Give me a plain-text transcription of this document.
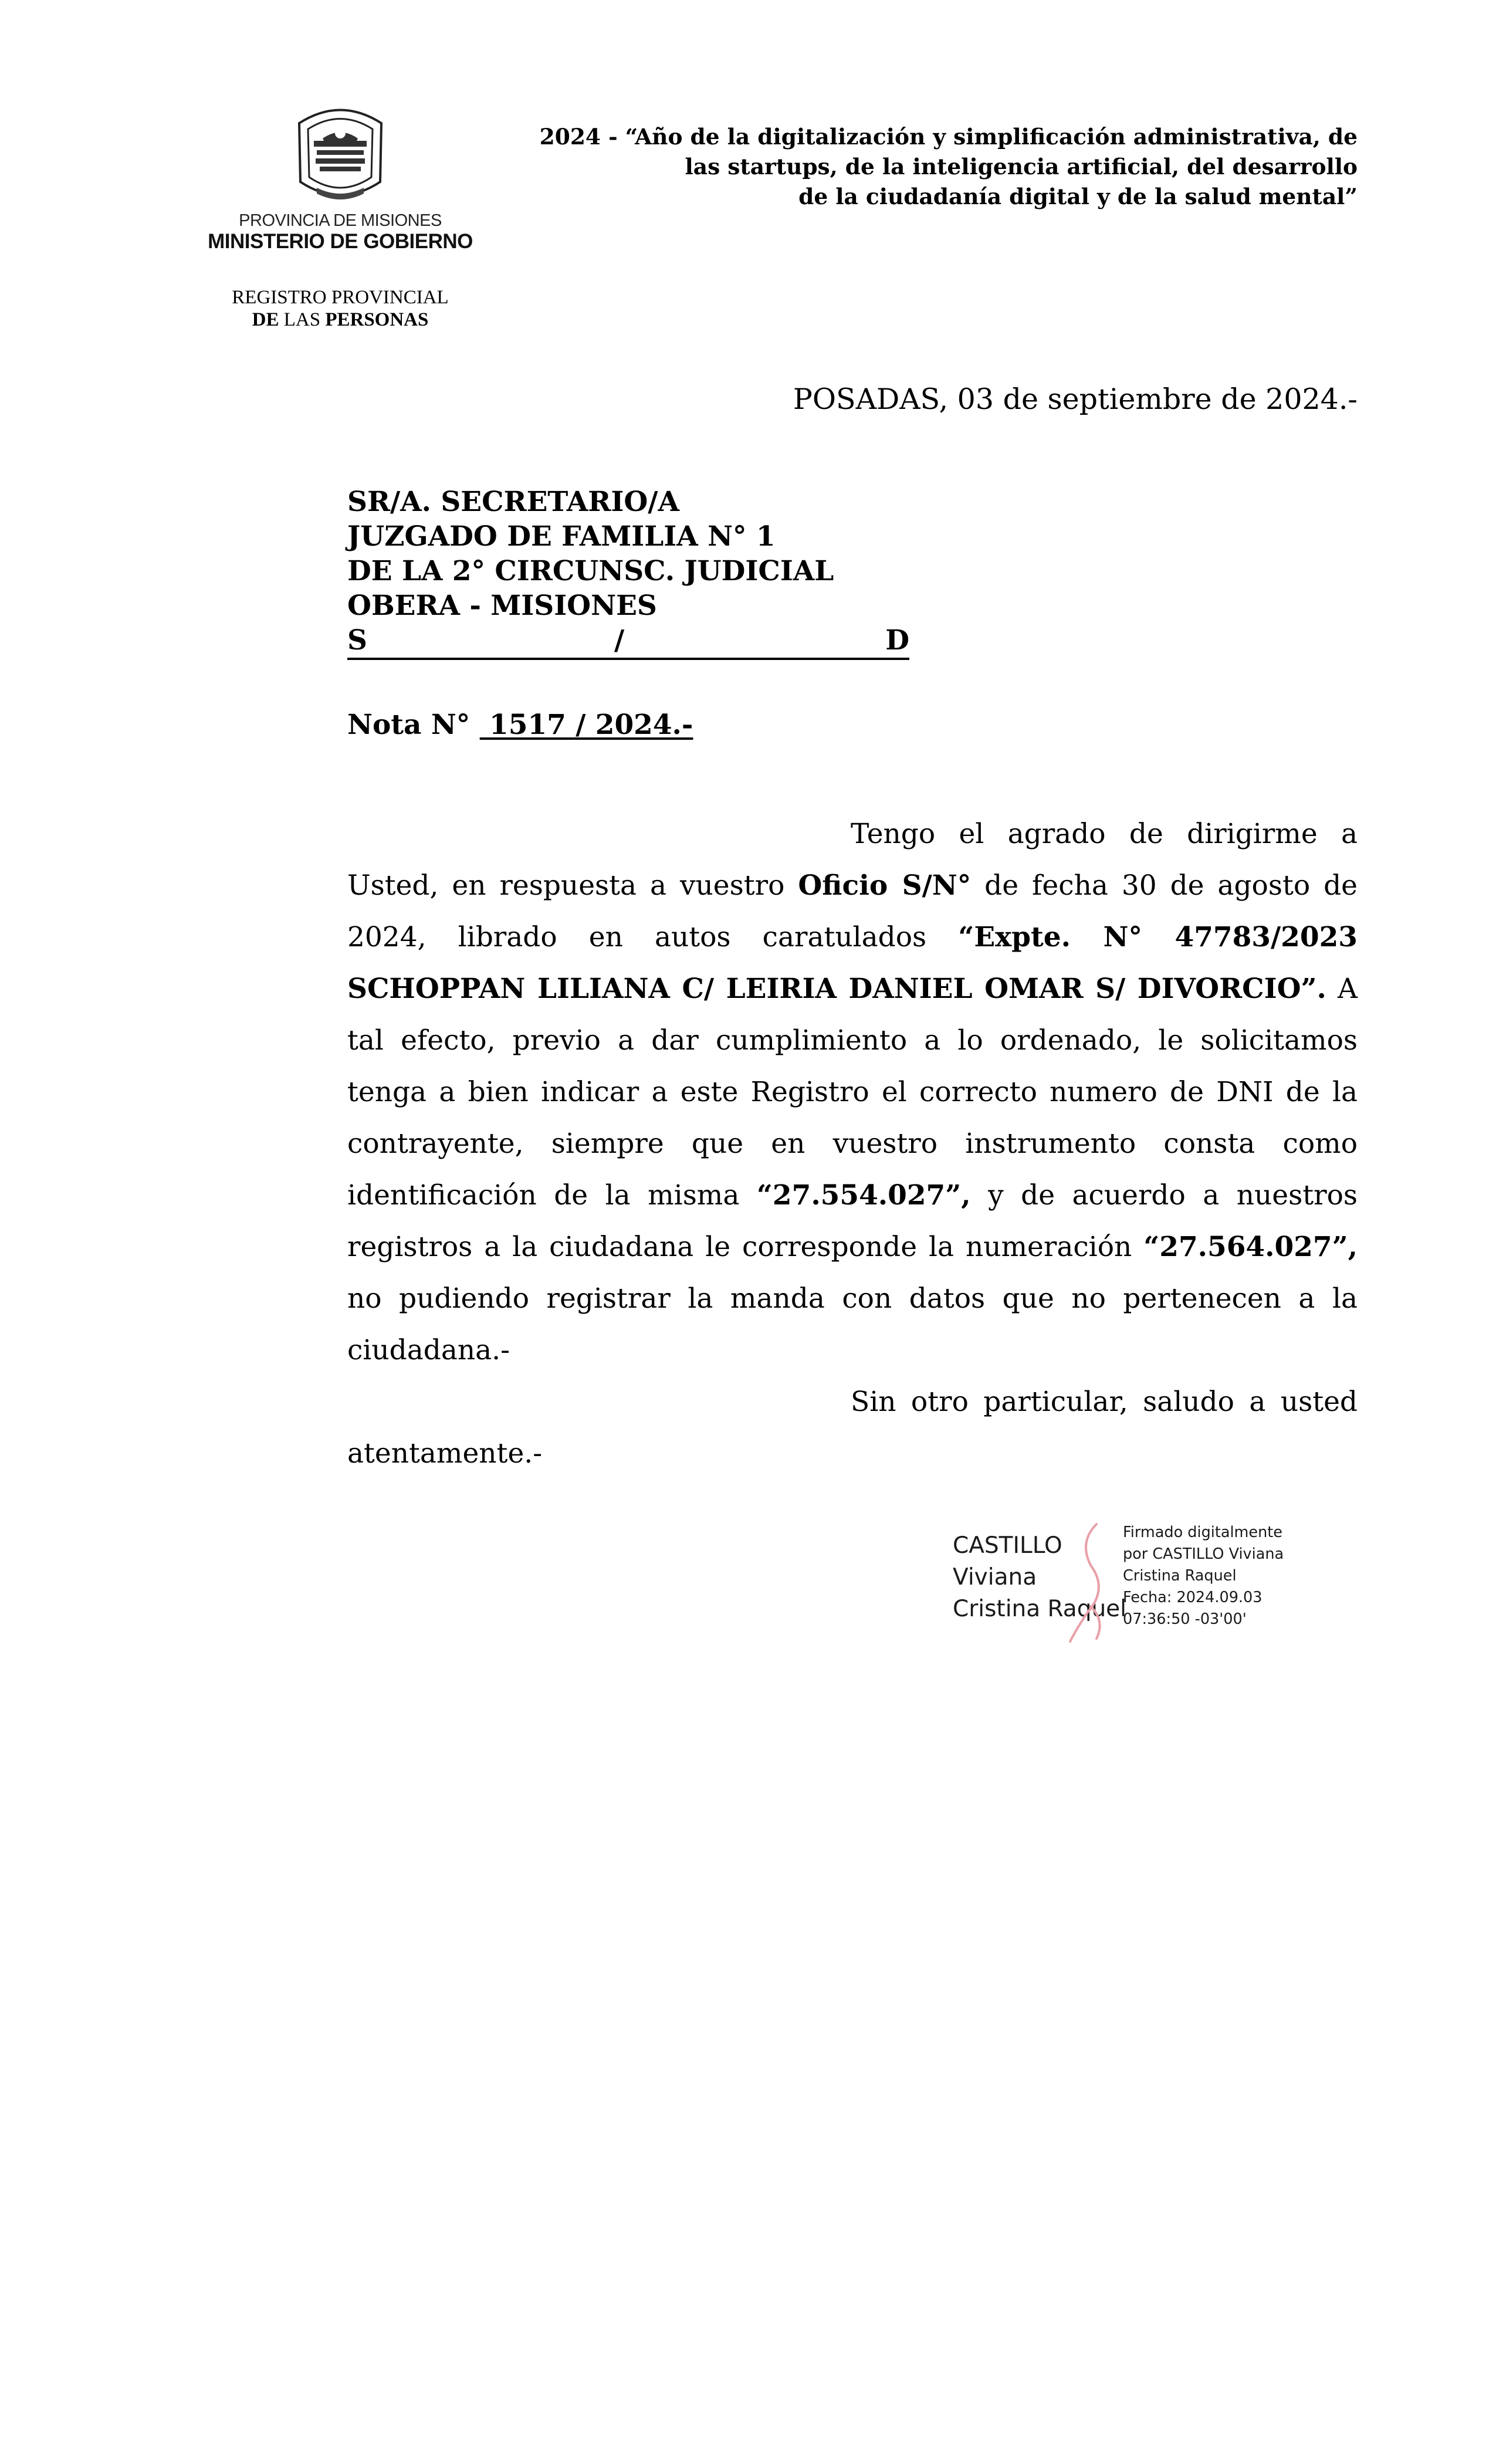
PROVINCIA DE MISIONES
MINISTERIO DE GOBIERNO
REGISTRO PROVINCIAL
DE LAS PERSONAS
2024 - “Año de la digitalización y simplificación administrativa, de
las startups, de la inteligencia artificial, del desarrollo
de la ciudadanía digital y de la salud mental”
POSADAS, 03 de septiembre de 2024.-
SR/A. SECRETARIO/A
JUZGADO DE FAMILIA N° 1
DE LA 2° CIRCUNSC. JUDICIAL
OBERA - MISIONES
S	/	D
Nota N° 1517 / 2024.-

Tengo el agrado de dirigirme a

Usted, en respuesta a vuestro Oficio S/N° de fecha 30 de agosto de

2024, librado en autos caratulados “Expte. N° 47783/2023

SCHOPPAN LILIANA C/ LEIRIA DANIEL OMAR S/ DIVORCIO”. A

tal efecto, previo a dar cumplimiento a lo ordenado, le solicitamos

tenga a bien indicar a este Registro el correcto numero de DNI de la

contrayente, siempre que en vuestro instrumento consta como

identificación de la misma “27.554.027”, y de acuerdo a nuestros

registros a la ciudadana le corresponde la numeración “27.564.027”,

no pudiendo registrar la manda con datos que no pertenecen a la

ciudadana.-

Sin otro particular, saludo a usted

atentamente.-

CASTILLO
Viviana
Cristina Raquel
Firmado digitalmente
por CASTILLO Viviana
Cristina Raquel
Fecha: 2024.09.03
07:36:50 -03'00'
